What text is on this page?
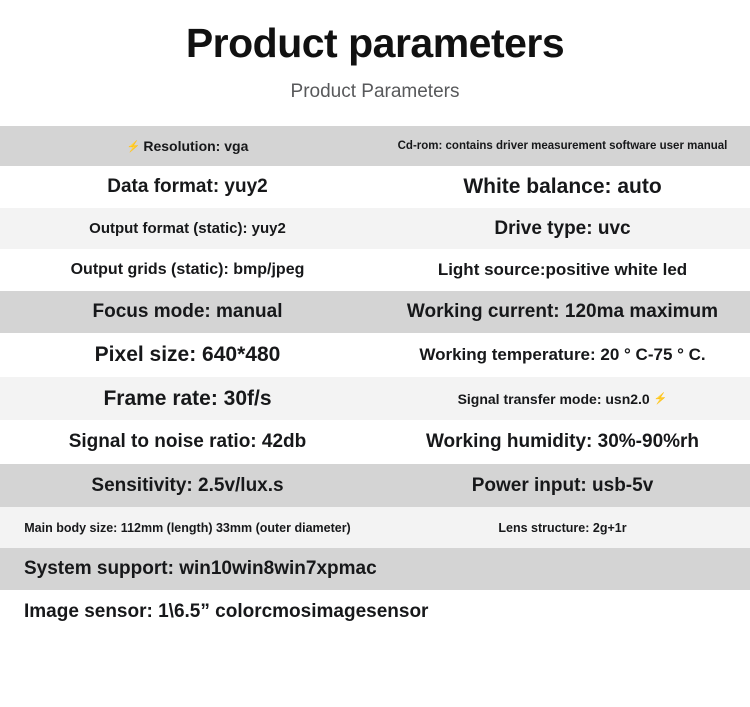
Product parameters
Product Parameters
⚡ Resolution: vga	Cd-rom: contains driver measurement software user manual
Data format: yuy2	White balance: auto
Output format (static): yuy2	Drive type: uvc
Output grids (static): bmp/jpeg	Light source:positive white led
Focus mode: manual	Working current: 120ma maximum
Pixel size: 640*480	Working temperature: 20 ° C-75 ° C.
Frame rate: 30f/s	Signal transfer mode: usn2.0 ⚡
Signal to noise ratio: 42db	Working humidity: 30%-90%rh
Sensitivity: 2.5v/lux.s	Power input: usb-5v
Main body size: 112mm (length) 33mm (outer diameter)	Lens structure: 2g+1r
System support: win10win8win7xpmac
Image sensor: 1\6.5” colorcmosimagesensor
